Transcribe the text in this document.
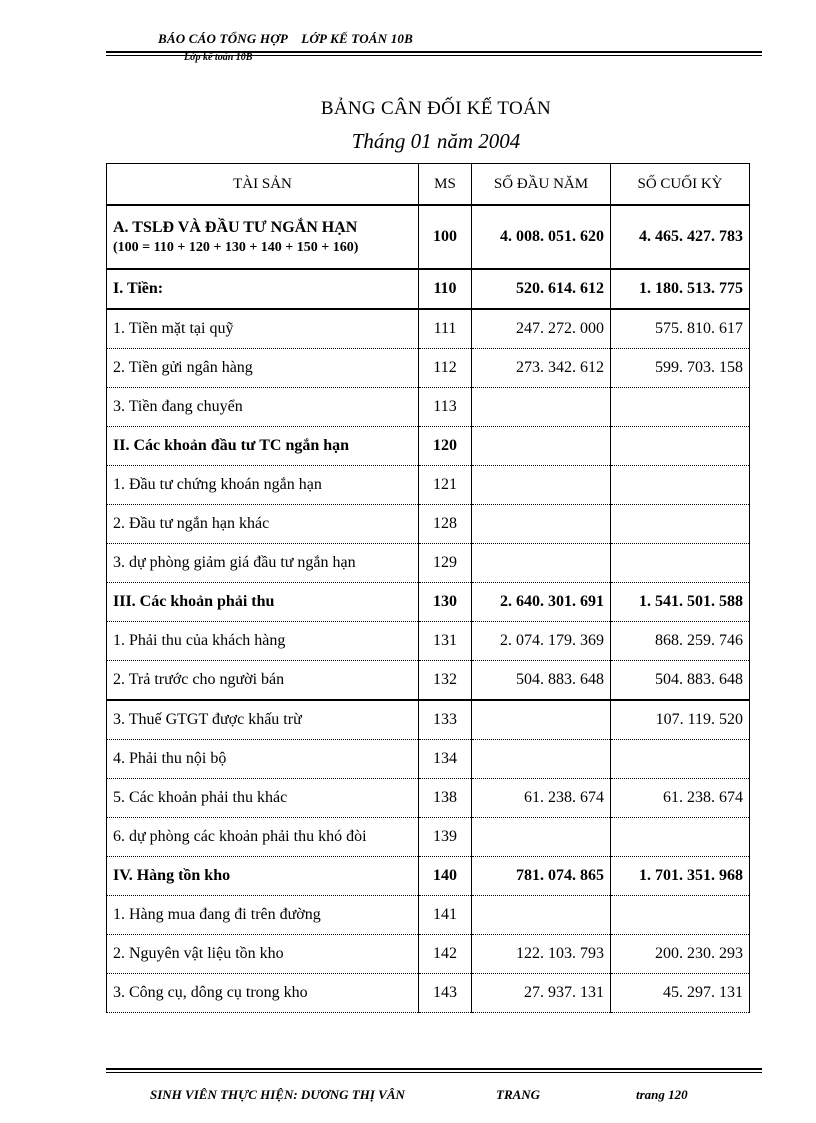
BÁO CÁO TỔNG HỢP    LỚP KẾ TOÁN 10B
Lớp kế toán 10B
BẢNG CÂN ĐỐI KẾ TOÁN
Tháng 01 năm 2004
TÀI SẢN	MS	SỐ ĐẦU NĂM	SỐ CUỐI KỲ

A. TSLĐ VÀ ĐẦU TƯ NGẮN HẠN
(100 = 110 + 120 + 130 + 140 + 150 + 160)	100	4. 008. 051. 620	4. 465. 427. 783
I. Tiền:	110	520. 614. 612	1. 180. 513. 775
1. Tiền mặt tại quỹ	111	247. 272. 000	575. 810. 617
2. Tiền gửi ngân hàng	112	273. 342. 612	599. 703. 158
3. Tiền đang chuyển	113		
II. Các khoản đầu tư TC ngắn hạn	120		
1. Đầu tư chứng khoán ngắn hạn	121		
2. Đầu tư ngắn hạn khác	128		
3. dự phòng giảm giá đầu tư ngắn hạn	129		
III. Các khoản phải thu	130	2. 640. 301. 691	1. 541. 501. 588
1. Phải thu của khách hàng	131	2. 074. 179. 369	868. 259. 746
2. Trả trước cho người bán	132	504. 883. 648	504. 883. 648
3. Thuế GTGT được khấu trừ	133		107. 119. 520
4. Phải thu nội bộ	134		
5. Các khoản phải thu khác	138	61. 238. 674	61. 238. 674
6. dự phòng các khoản phải thu khó đòi	139		
IV. Hàng tồn kho	140	781. 074. 865	1. 701. 351. 968
1. Hàng mua đang đi trên đường	141		
2. Nguyên vật liệu tồn kho	142	122. 103. 793	200. 230. 293
3. Công cụ, dông cụ trong kho	143	27. 937. 131	45. 297. 131
SINH VIÊN THỰC HIỆN: DƯƠNG THỊ VÂN	TRANG	trang 120
